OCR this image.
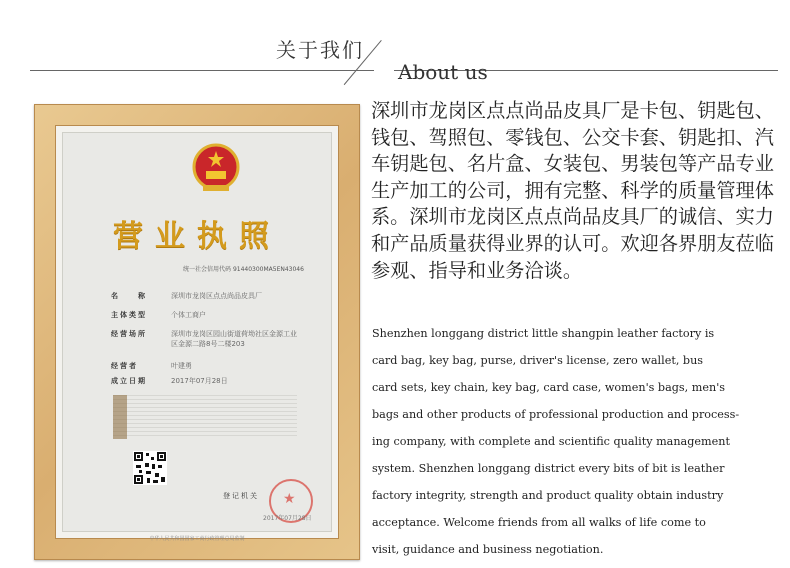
关于我们
About us
营业执照
统一社会信用代码 91440300MA5EN43046
名　　称	深圳市龙岗区点点尚品皮具厂
主体类型	个体工商户
经营场所	深圳市龙岗区园山街道荷坳社区金源工业区金源二路8号二楼203
经营者	叶建勇
成立日期	2017年07月28日
登记机关 ★
2017年07月28日
中华人民共和国国家工商行政管理总局监制
深圳市龙岗区点点尚品皮具厂是卡包、钥匙包、钱包、驾照包、零钱包、公交卡套、钥匙扣、汽车钥匙包、名片盒、女装包、男装包等产品专业生产加工的公司，拥有完整、科学的质量管理体系。深圳市龙岗区点点尚品皮具厂的诚信、实力和产品质量获得业界的认可。欢迎各界朋友莅临参观、指导和业务洽谈。
Shenzhen longgang district little shangpin leather factory is
card bag, key bag, purse, driver's license, zero wallet, bus
card sets, key chain, key bag, card case, women's bags, men's
bags and other products of professional production and process-
ing company, with complete and scientific quality management
system. Shenzhen longgang district every bits of bit is leather
factory integrity, strength and product quality obtain industry
acceptance. Welcome friends from all walks of life come to
visit, guidance and business negotiation.
